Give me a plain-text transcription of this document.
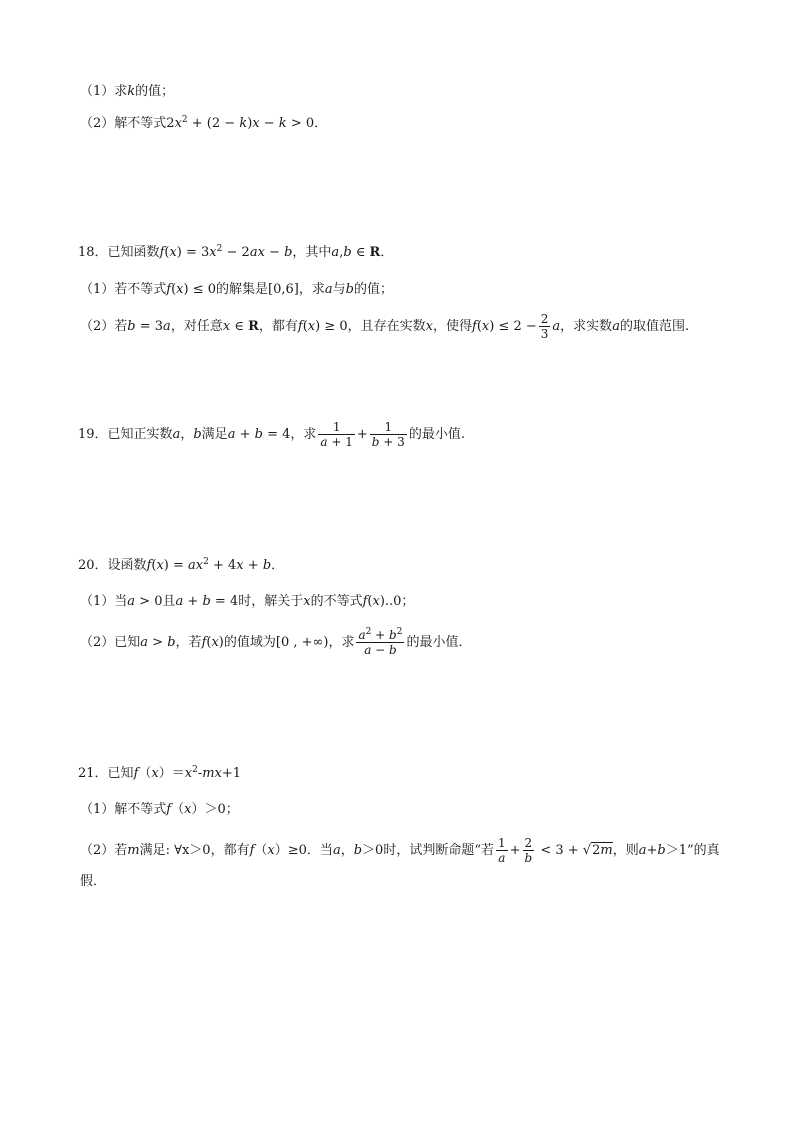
（1）求k的值；
（2）解不等式$2x^2 + (2 - k)x - k > 0$．
18．已知函数$f(x) = 3x^2 - 2ax - b$，其中a,b ∈ R．
（1）若不等式f(x) ≤ 0的解集是[0,6]，求a与b的值；
（2）若b = 3a，对任意x ∈ R，都有f(x) ≥ 0，且存在实数x，使得$f(x) \le 2 - \frac{2}{3}$ a，求实数a的取值范围.
19．已知正实数a，b满足a + b = 4，求 $\frac{1}{a + 1} + \frac{1}{b + 3}$ 的最小值.
20．设函数$f(x) = ax^2 + 4x + b$．
（1）当a > 0且a + b = 4时，解关于x的不等式f(x)..0；
（2）已知a > b，若f(x)的值域为[0 , +∞)，求 $\frac{a^2 + b^2}{a - b}$ 的最小值．
21．已知$f(x)=x^2-mx+1$
（1）解不等式f（x）＞0；
（2）若m满足: ∀x＞0，都有f（x）≥0．当a，b＞0时，试判断命题“若 $\frac{1}{a} + \frac{2}{b} < 3 + √2m$，则a+b＞1”的真
假．
